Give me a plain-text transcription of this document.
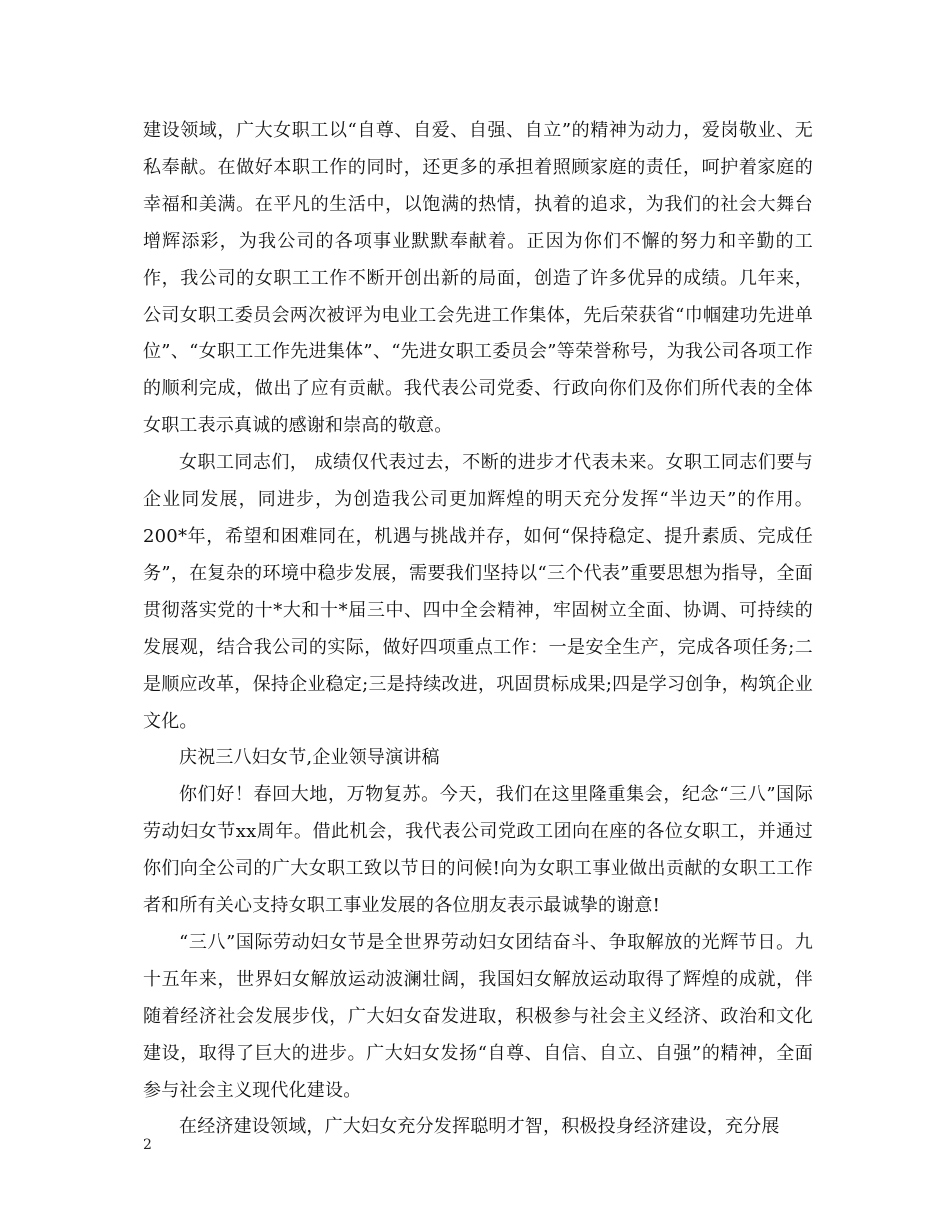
建设领域，广大女职工以“自尊、自爱、自强、自立”的精神为动力，爱岗敬业、无私奉献。在做好本职工作的同时，还更多的承担着照顾家庭的责任，呵护着家庭的幸福和美满。在平凡的生活中，以饱满的热情，执着的追求，为我们的社会大舞台增辉添彩，为我公司的各项事业默默奉献着。正因为你们不懈的努力和辛勤的工作，我公司的女职工工作不断开创出新的局面，创造了许多优异的成绩。几年来，公司女职工委员会两次被评为电业工会先进工作集体，先后荣获省“巾帼建功先进单位”、“女职工工作先进集体”、“先进女职工委员会”等荣誉称号，为我公司各项工作的顺利完成，做出了应有贡献。我代表公司党委、行政向你们及你们所代表的全体女职工表示真诚的感谢和崇高的敬意。

女职工同志们， 成绩仅代表过去，不断的进步才代表未来。女职工同志们要与企业同发展，同进步，为创造我公司更加辉煌的明天充分发挥“半边天”的作用。 200*年，希望和困难同在，机遇与挑战并存，如何“保持稳定、提升素质、完成任务”，在复杂的环境中稳步发展，需要我们坚持以“三个代表”重要思想为指导，全面贯彻落实党的十*大和十*届三中、四中全会精神，牢固树立全面、协调、可持续的发展观，结合我公司的实际，做好四项重点工作：一是安全生产，完成各项任务;二是顺应改革，保持企业稳定;三是持续改进，巩固贯标成果;四是学习创争，构筑企业文化。

庆祝三八妇女节,企业领导演讲稿

你们好！春回大地，万物复苏。今天，我们在这里隆重集会，纪念“三八”国际劳动妇女节xx周年。借此机会，我代表公司党政工团向在座的各位女职工，并通过你们向全公司的广大女职工致以节日的问候!向为女职工事业做出贡献的女职工工作者和所有关心支持女职工事业发展的各位朋友表示最诚挚的谢意!

“三八”国际劳动妇女节是全世界劳动妇女团结奋斗、争取解放的光辉节日。九十五年来，世界妇女解放运动波澜壮阔，我国妇女解放运动取得了辉煌的成就，伴随着经济社会发展步伐，广大妇女奋发进取，积极参与社会主义经济、政治和文化建设，取得了巨大的进步。广大妇女发扬“自尊、自信、自立、自强”的精神，全面参与社会主义现代化建设。

在经济建设领域，广大妇女充分发挥聪明才智，积极投身经济建设，充分展

2
